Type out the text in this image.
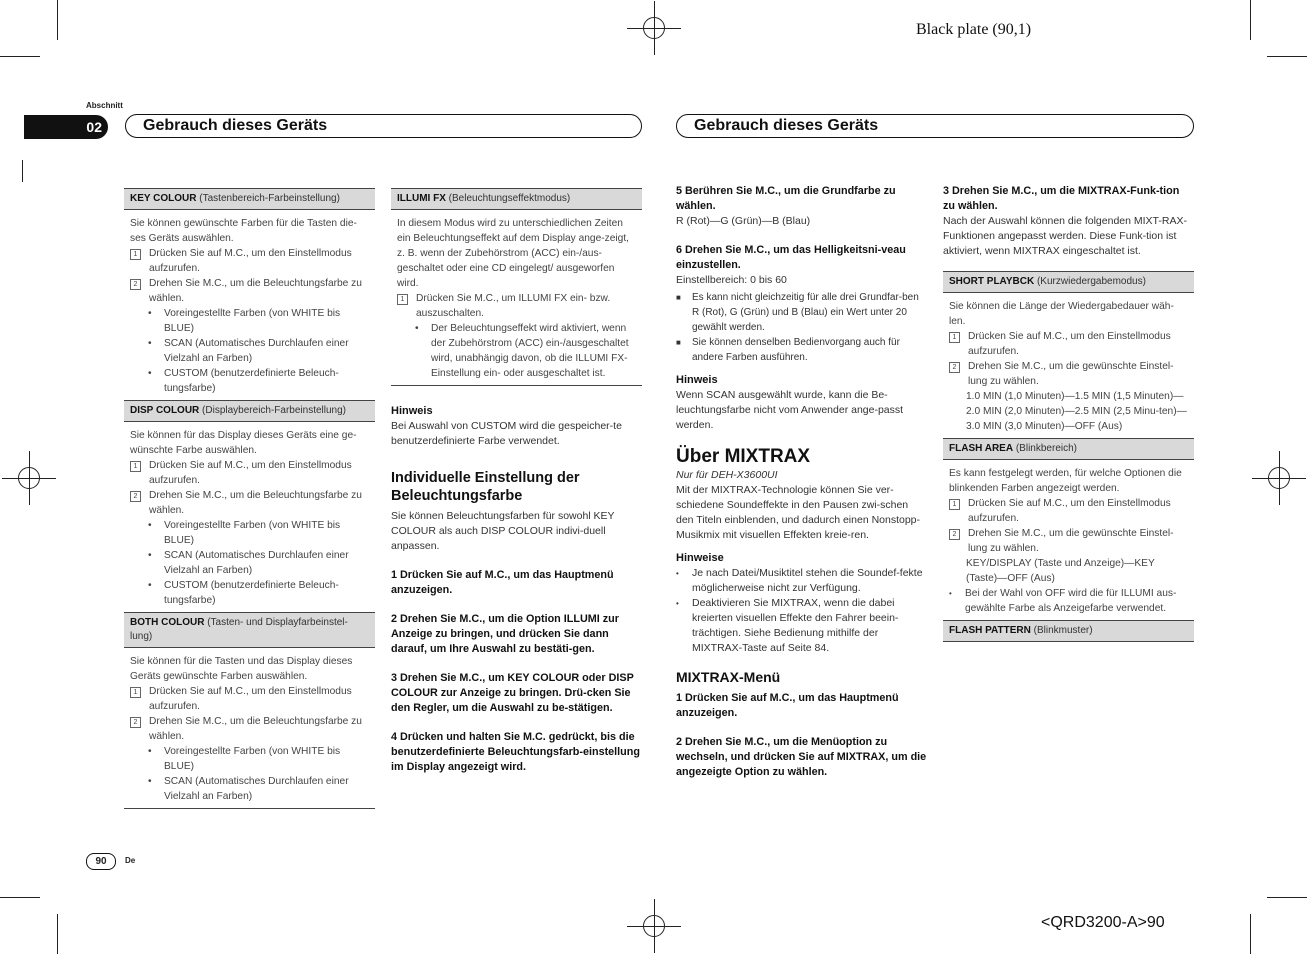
Black plate (90,1)
<QRD3200-A>90
Abschnitt
02	Gebrauch dieses Geräts	Gebrauch dieses Geräts
KEY COLOUR (Tastenbereich-Farbeinstellung)

Sie können gewünschte Farben für die Tasten die-ses Geräts auswählen.

1	Drücken Sie auf M.C., um den Einstellmodus aufzurufen.
2	Drehen Sie M.C., um die Beleuchtungsfarbe zu wählen.
•	Voreingestellte Farben (von WHITE bis BLUE)
•	SCAN (Automatisches Durchlaufen einer Vielzahl an Farben)
•	CUSTOM (benutzerdefinierte Beleuch-tungsfarbe)
DISP COLOUR (Displaybereich-Farbeinstellung)

Sie können für das Display dieses Geräts eine ge-wünschte Farbe auswählen.

1	Drücken Sie auf M.C., um den Einstellmodus aufzurufen.
2	Drehen Sie M.C., um die Beleuchtungsfarbe zu wählen.
•	Voreingestellte Farben (von WHITE bis BLUE)
•	SCAN (Automatisches Durchlaufen einer Vielzahl an Farben)
•	CUSTOM (benutzerdefinierte Beleuch-tungsfarbe)
BOTH COLOUR (Tasten- und Displayfarbeinstel-lung)

Sie können für die Tasten und das Display dieses Geräts gewünschte Farben auswählen.

1	Drücken Sie auf M.C., um den Einstellmodus aufzurufen.
2	Drehen Sie M.C., um die Beleuchtungsfarbe zu wählen.
•	Voreingestellte Farben (von WHITE bis BLUE)
•	SCAN (Automatisches Durchlaufen einer Vielzahl an Farben)
ILLUMI FX (Beleuchtungseffektmodus)

In diesem Modus wird zu unterschiedlichen Zeiten ein Beleuchtungseffekt auf dem Display ange-zeigt, z. B. wenn der Zubehörstrom (ACC) ein-/aus-geschaltet oder eine CD eingelegt/ ausgeworfen wird.

1	Drücken Sie M.C., um ILLUMI FX ein- bzw. auszuschalten.
•	Der Beleuchtungseffekt wird aktiviert, wenn der Zubehörstrom (ACC) ein-/ausgeschaltet wird, unabhängig davon, ob die ILLUMI FX-Einstellung ein- oder ausgeschaltet ist.
Hinweis

Bei Auswahl von CUSTOM wird die gespeicher-te benutzerdefinierte Farbe verwendet.

Individuelle Einstellung der Beleuchtungsfarbe

Sie können Beleuchtungsfarben für sowohl KEY COLOUR als auch DISP COLOUR indivi-duell anpassen.

1 Drücken Sie auf M.C., um das Hauptmenü anzuzeigen.

2 Drehen Sie M.C., um die Option ILLUMI zur Anzeige zu bringen, und drücken Sie dann darauf, um Ihre Auswahl zu bestäti-gen.

3 Drehen Sie M.C., um KEY COLOUR oder DISP COLOUR zur Anzeige zu bringen. Drü-cken Sie den Regler, um die Auswahl zu be-stätigen.

4 Drücken und halten Sie M.C. gedrückt, bis die benutzerdefinierte Beleuchtungsfarb-einstellung im Display angezeigt wird.

5 Berühren Sie M.C., um die Grundfarbe zu wählen.

R (Rot)—G (Grün)—B (Blau)

6 Drehen Sie M.C., um das Helligkeitsni-veau einzustellen.

Einstellbereich: 0 bis 60

■	Es kann nicht gleichzeitig für alle drei Grundfar-ben R (Rot), G (Grün) und B (Blau) ein Wert unter 20 gewählt werden.
■	Sie können denselben Bedienvorgang auch für andere Farben ausführen.
Hinweis

Wenn SCAN ausgewählt wurde, kann die Be-leuchtungsfarbe nicht vom Anwender ange-passt werden.

Über MIXTRAX

Nur für DEH-X3600UI

Mit der MIXTRAX-Technologie können Sie ver-schiedene Soundeffekte in den Pausen zwi-schen den Titeln einblenden, und dadurch einen Nonstopp-Musikmix mit visuellen Effekten kreie-ren.

Hinweise
•	Je nach Datei/Musiktitel stehen die Soundef-fekte möglicherweise nicht zur Verfügung.
•	Deaktivieren Sie MIXTRAX, wenn die dabei kreierten visuellen Effekte den Fahrer beein-trächtigen. Siehe Bedienung mithilfe der MIXTRAX-Taste auf Seite 84.
MIXTRAX-Menü

1 Drücken Sie auf M.C., um das Hauptmenü anzuzeigen.

2 Drehen Sie M.C., um die Menüoption zu wechseln, und drücken Sie auf MIXTRAX, um die angezeigte Option zu wählen.

3 Drehen Sie M.C., um die MIXTRAX-Funk-tion zu wählen.

Nach der Auswahl können die folgenden MIXT-RAX-Funktionen angepasst werden. Diese Funk-tion ist aktiviert, wenn MIXTRAX eingeschaltet ist.

SHORT PLAYBCK (Kurzwiedergabemodus)

Sie können die Länge der Wiedergabedauer wäh-len.

1	Drücken Sie auf M.C., um den Einstellmodus aufzurufen.
2	Drehen Sie M.C., um die gewünschte Einstel-lung zu wählen.

1.0 MIN (1,0 Minuten)—1.5 MIN (1,5 Minuten)—2.0 MIN (2,0 Minuten)—2.5 MIN (2,5 Minu-ten)—3.0 MIN (3,0 Minuten)—OFF (Aus)

FLASH AREA (Blinkbereich)

Es kann festgelegt werden, für welche Optionen die blinkenden Farben angezeigt werden.

1	Drücken Sie auf M.C., um den Einstellmodus aufzurufen.
2	Drehen Sie M.C., um die gewünschte Einstel-lung zu wählen.

KEY/DISPLAY (Taste und Anzeige)—KEY (Taste)—OFF (Aus)

•	Bei der Wahl von OFF wird die für ILLUMI aus-gewählte Farbe als Anzeigefarbe verwendet.
FLASH PATTERN (Blinkmuster)
90	De
